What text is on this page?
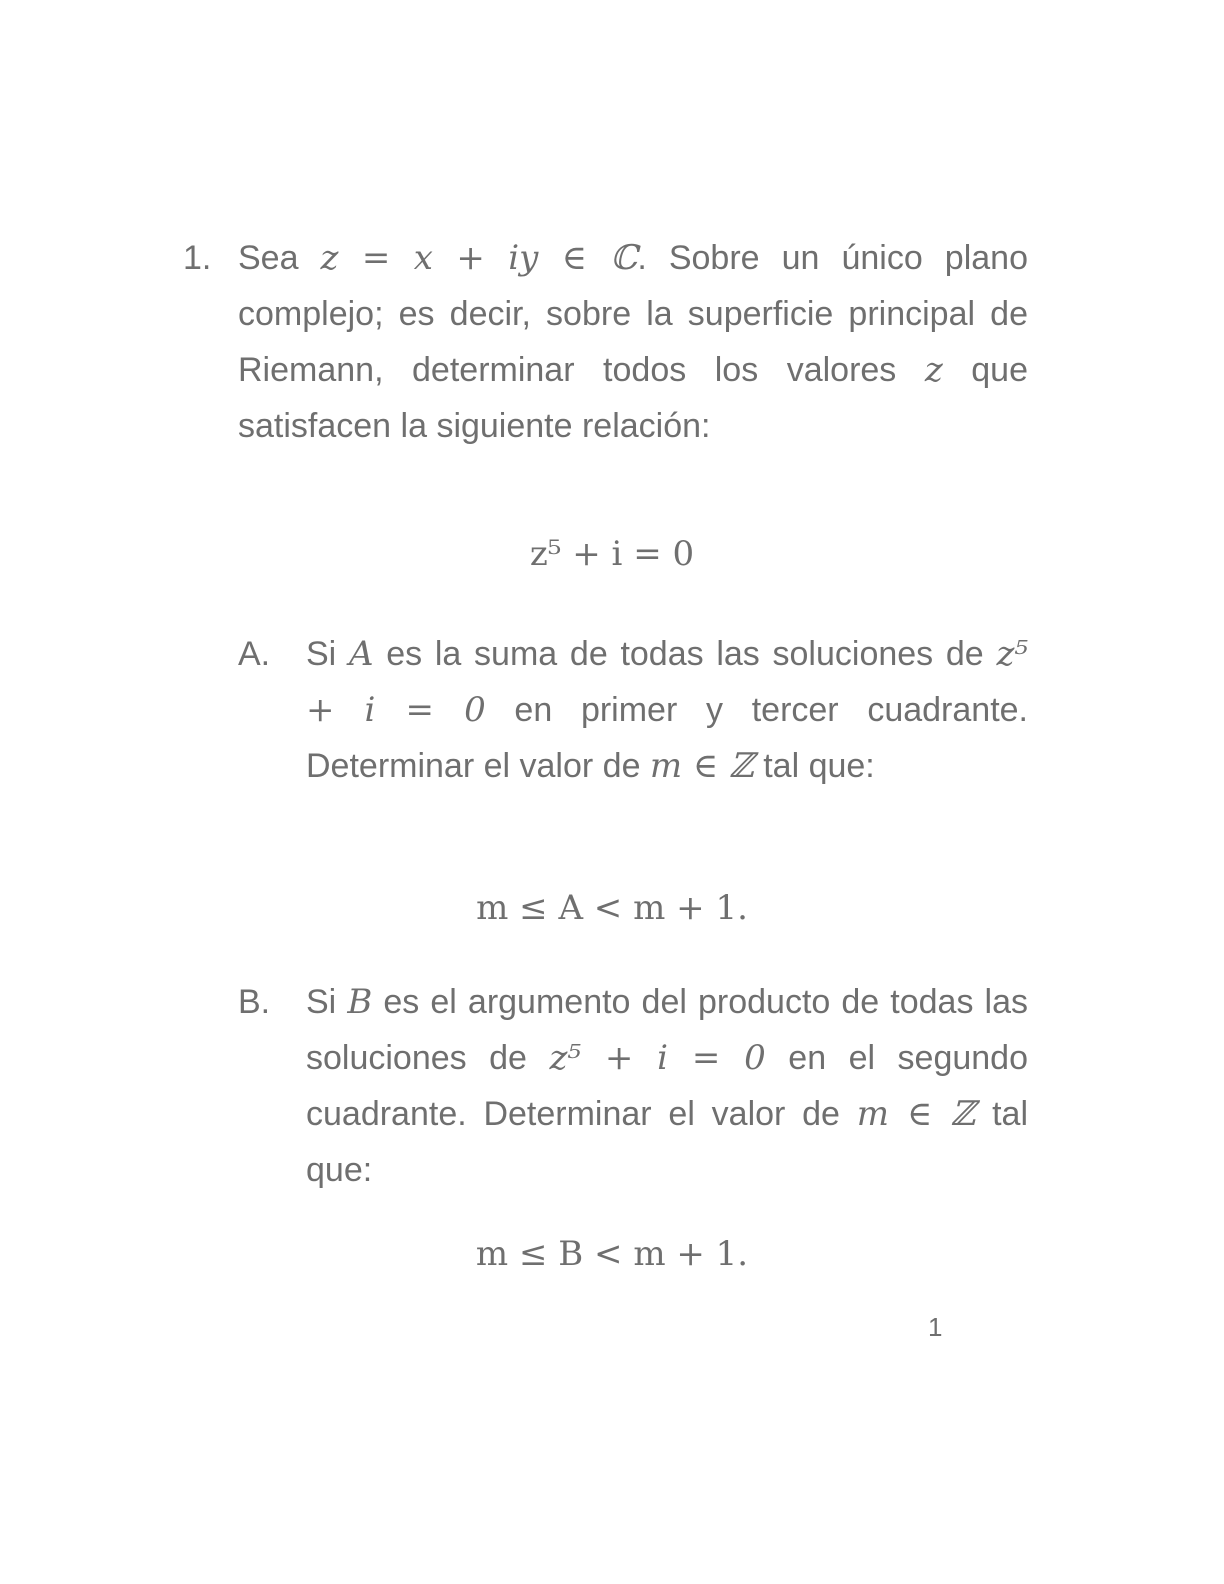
1. Sea z = x + iy ∈ ℂ. Sobre un único plano complejo; es decir, sobre la superficie principal de Riemann, determinar todos los valores z que satisfacen la siguiente relación:

z⁵ + i = 0
A. Si A es la suma de todas las soluciones de z⁵ + i = 0 en primer y tercer cuadrante. Determinar el valor de m ∈ ℤ tal que:

m ≤ A < m + 1.
B. Si B es el argumento del producto de todas las soluciones de z⁵ + i = 0 en el segundo cuadrante. Determinar el valor de m ∈ ℤ tal que:

m ≤ B < m + 1.
1
